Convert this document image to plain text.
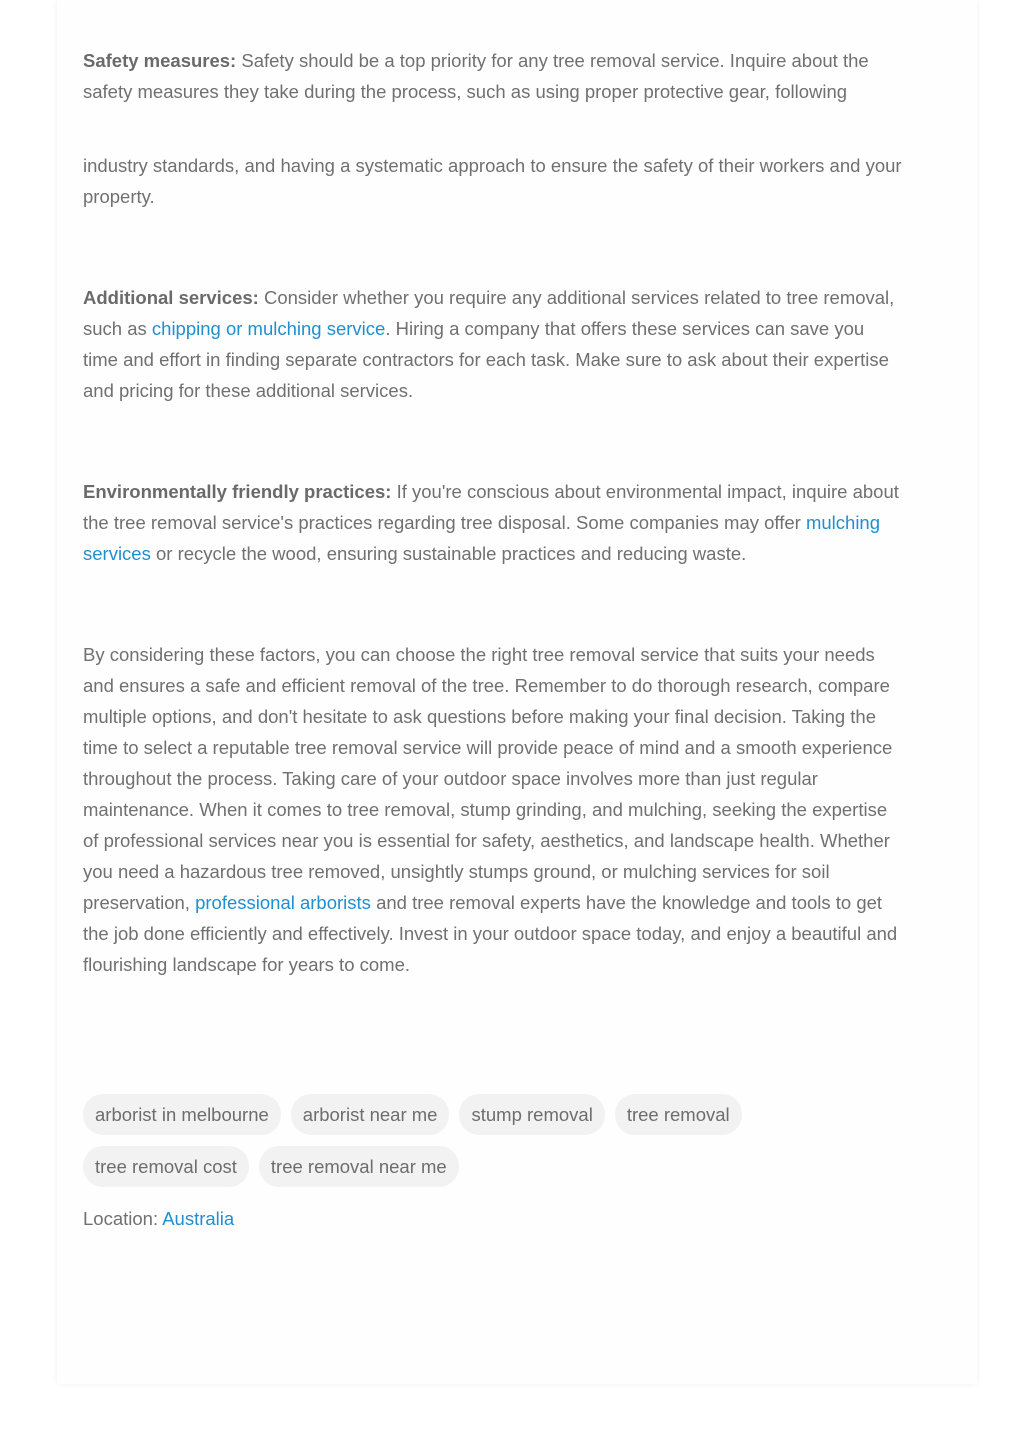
Safety measures: Safety should be a top priority for any tree removal service. Inquire about the
safety measures they take during the process, such as using proper protective gear, following

industry standards, and having a systematic approach to ensure the safety of their workers and your
property.

Additional services: Consider whether you require any additional services related to tree removal,
such as chipping or mulching service. Hiring a company that offers these services can save you
time and effort in finding separate contractors for each task. Make sure to ask about their expertise
and pricing for these additional services.

Environmentally friendly practices: If you're conscious about environmental impact, inquire about
the tree removal service's practices regarding tree disposal. Some companies may offer mulching
services or recycle the wood, ensuring sustainable practices and reducing waste.

By considering these factors, you can choose the right tree removal service that suits your needs
and ensures a safe and efficient removal of the tree. Remember to do thorough research, compare
multiple options, and don't hesitate to ask questions before making your final decision. Taking the
time to select a reputable tree removal service will provide peace of mind and a smooth experience
throughout the process. Taking care of your outdoor space involves more than just regular
maintenance. When it comes to tree removal, stump grinding, and mulching, seeking the expertise
of professional services near you is essential for safety, aesthetics, and landscape health. Whether
you need a hazardous tree removed, unsightly stumps ground, or mulching services for soil
preservation, professional arborists and tree removal experts have the knowledge and tools to get
the job done efficiently and effectively. Invest in your outdoor space today, and enjoy a beautiful and
flourishing landscape for years to come.

arborist in melbourne	arborist near me	stump removal	tree removal
tree removal cost	tree removal near me
Location: Australia
